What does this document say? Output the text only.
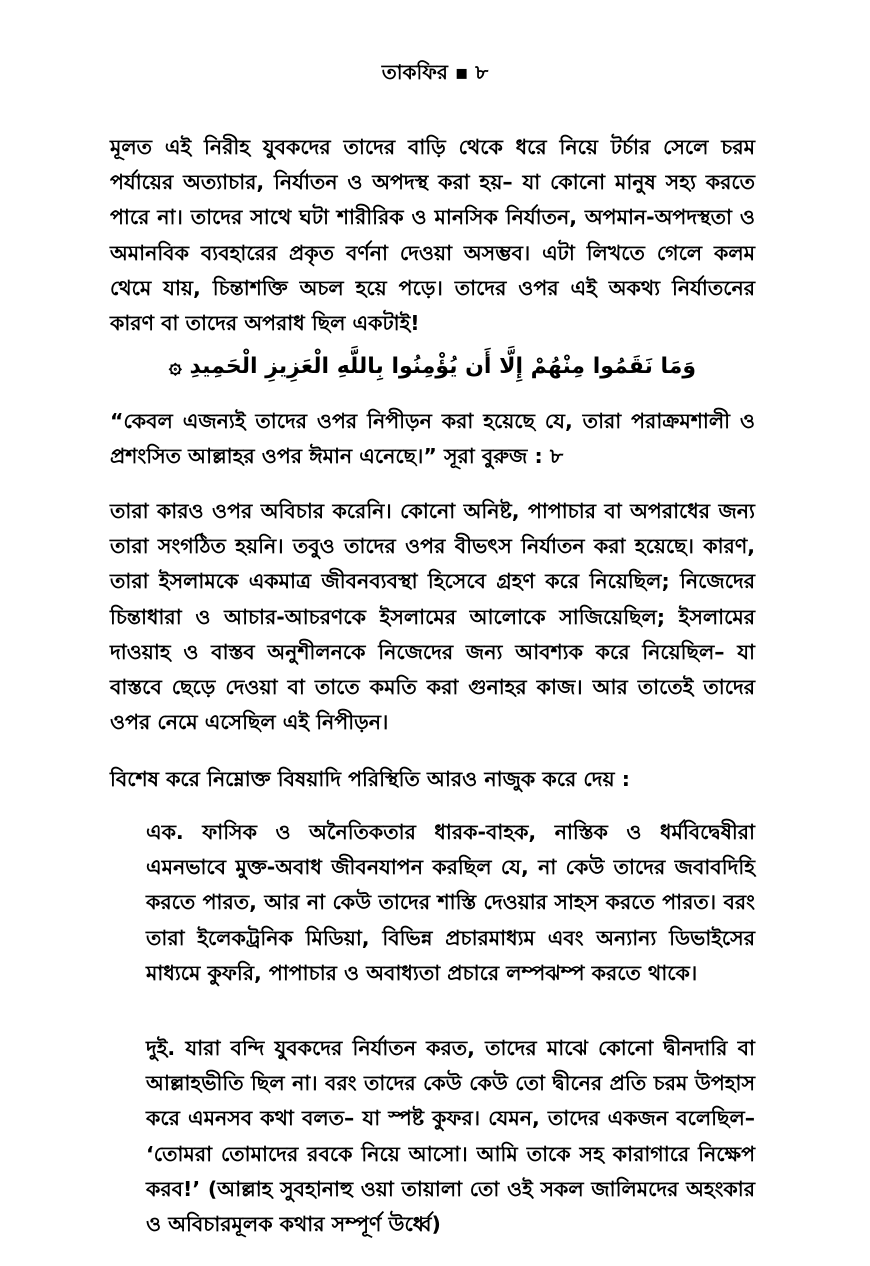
তাকফির ▪ ৮

মূলত এই নিরীহ যুবকদের তাদের বাড়ি থেকে ধরে নিয়ে টর্চার সেলে চরম পর্যায়ের অত্যাচার, নির্যাতন ও অপদস্থ করা হয়– যা কোনো মানুষ সহ্য করতে পারে না। তাদের সাথে ঘটা শারীরিক ও মানসিক নির্যাতন, অপমান-অপদস্থতা ও অমানবিক ব্যবহারের প্রকৃত বর্ণনা দেওয়া অসম্ভব। এটা লিখতে গেলে কলম থেমে যায়, চিন্তাশক্তি অচল হয়ে পড়ে। তাদের ওপর এই অকথ্য নির্যাতনের কারণ বা তাদের অপরাধ ছিল একটাই!

وَمَا نَقَمُوا مِنْهُمْ إِلَّا أَن يُؤْمِنُوا بِاللَّهِ الْعَزِيزِ الْحَمِيدِ ۞

“কেবল এজন্যই তাদের ওপর নিপীড়ন করা হয়েছে যে, তারা পরাক্রমশালী ও প্রশংসিত আল্লাহর ওপর ঈমান এনেছে।” সূরা বুরুজ : ৮

তারা কারও ওপর অবিচার করেনি। কোনো অনিষ্ট, পাপাচার বা অপরাধের জন্য তারা সংগঠিত হয়নি। তবুও তাদের ওপর বীভৎস নির্যাতন করা হয়েছে। কারণ, তারা ইসলামকে একমাত্র জীবনব্যবস্থা হিসেবে গ্রহণ করে নিয়েছিল; নিজেদের চিন্তাধারা ও আচার-আচরণকে ইসলামের আলোকে সাজিয়েছিল; ইসলামের দাওয়াহ ও বাস্তব অনুশীলনকে নিজেদের জন্য আবশ্যক করে নিয়েছিল– যা বাস্তবে ছেড়ে দেওয়া বা তাতে কমতি করা গুনাহর কাজ। আর তাতেই তাদের ওপর নেমে এসেছিল এই নিপীড়ন।

বিশেষ করে নিম্নোক্ত বিষয়াদি পরিস্থিতি আরও নাজুক করে দেয় :

এক. ফাসিক ও অনৈতিকতার ধারক-বাহক, নাস্তিক ও ধর্মবিদ্বেষীরা এমনভাবে মুক্ত-অবাধ জীবনযাপন করছিল যে, না কেউ তাদের জবাবদিহি করতে পারত, আর না কেউ তাদের শাস্তি দেওয়ার সাহস করতে পারত। বরং তারা ইলেকট্রনিক মিডিয়া, বিভিন্ন প্রচারমাধ্যম এবং অন্যান্য ডিভাইসের মাধ্যমে কুফরি, পাপাচার ও অবাধ্যতা প্রচারে লম্পঝম্প করতে থাকে।

দুই. যারা বন্দি যুবকদের নির্যাতন করত, তাদের মাঝে কোনো দ্বীনদারি বা আল্লাহভীতি ছিল না। বরং তাদের কেউ কেউ তো দ্বীনের প্রতি চরম উপহাস করে এমনসব কথা বলত– যা স্পষ্ট কুফর। যেমন, তাদের একজন বলেছিল– ‘তোমরা তোমাদের রবকে নিয়ে আসো। আমি তাকে সহ কারাগারে নিক্ষেপ করব!’ (আল্লাহ সুবহানাহু ওয়া তায়ালা তো ওই সকল জালিমদের অহংকার ও অবিচারমূলক কথার সম্পূর্ণ উর্ধ্বে)
